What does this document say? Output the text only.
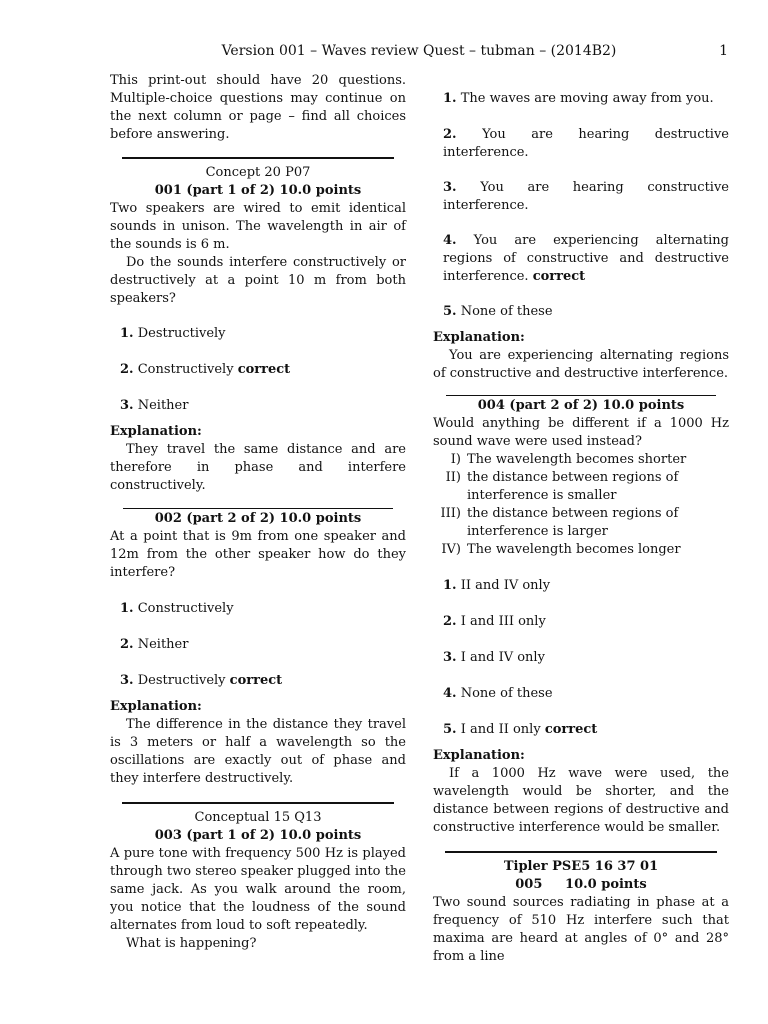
Version 001 – Waves review Quest – tubman – (2014B2)	1

This print-out should have 20 questions. Multiple-choice questions may continue on the next column or page – find all choices before answering.

Concept 20 P07

001 (part 1 of 2) 10.0 points

Two speakers are wired to emit identical sounds in unison. The wavelength in air of the sounds is 6 m.

Do the sounds interfere constructively or destructively at a point 10 m from both speakers?

1. Destructively

2. Constructively correct

3. Neither

Explanation:

They travel the same distance and are therefore in phase and interfere constructively.

002 (part 2 of 2) 10.0 points

At a point that is 9m from one speaker and 12m from the other speaker how do they interfere?

1. Constructively

2. Neither

3. Destructively correct

Explanation:

The difference in the distance they travel is 3 meters or half a wavelength so the oscillations are exactly out of phase and they interfere destructively.

Conceptual 15 Q13

003 (part 1 of 2) 10.0 points

A pure tone with frequency 500 Hz is played through two stereo speaker plugged into the same jack. As you walk around the room, you notice that the loudness of the sound alternates from loud to soft repeatedly.

What is happening?

1. The waves are moving away from you.

2. You are hearing destructive interference.

3. You are hearing constructive interference.

4. You are experiencing alternating regions of constructive and destructive interference. correct

5. None of these

Explanation:

You are experiencing alternating regions of constructive and destructive interference.

004 (part 2 of 2) 10.0 points

Would anything be different if a 1000 Hz sound wave were used instead?

I) The wavelength becomes shorter

II) the distance between regions of interference is smaller

III) the distance between regions of interference is larger

IV) The wavelength becomes longer

1. II and IV only

2. I and III only

3. I and IV only

4. None of these

5. I and II only correct

Explanation:

If a 1000 Hz wave were used, the wavelength would be shorter, and the distance between regions of destructive and constructive interference would be smaller.

Tipler PSE5 16 37 01

005 10.0 points

Two sound sources radiating in phase at a frequency of 510 Hz interfere such that maxima are heard at angles of 0° and 28° from a line
